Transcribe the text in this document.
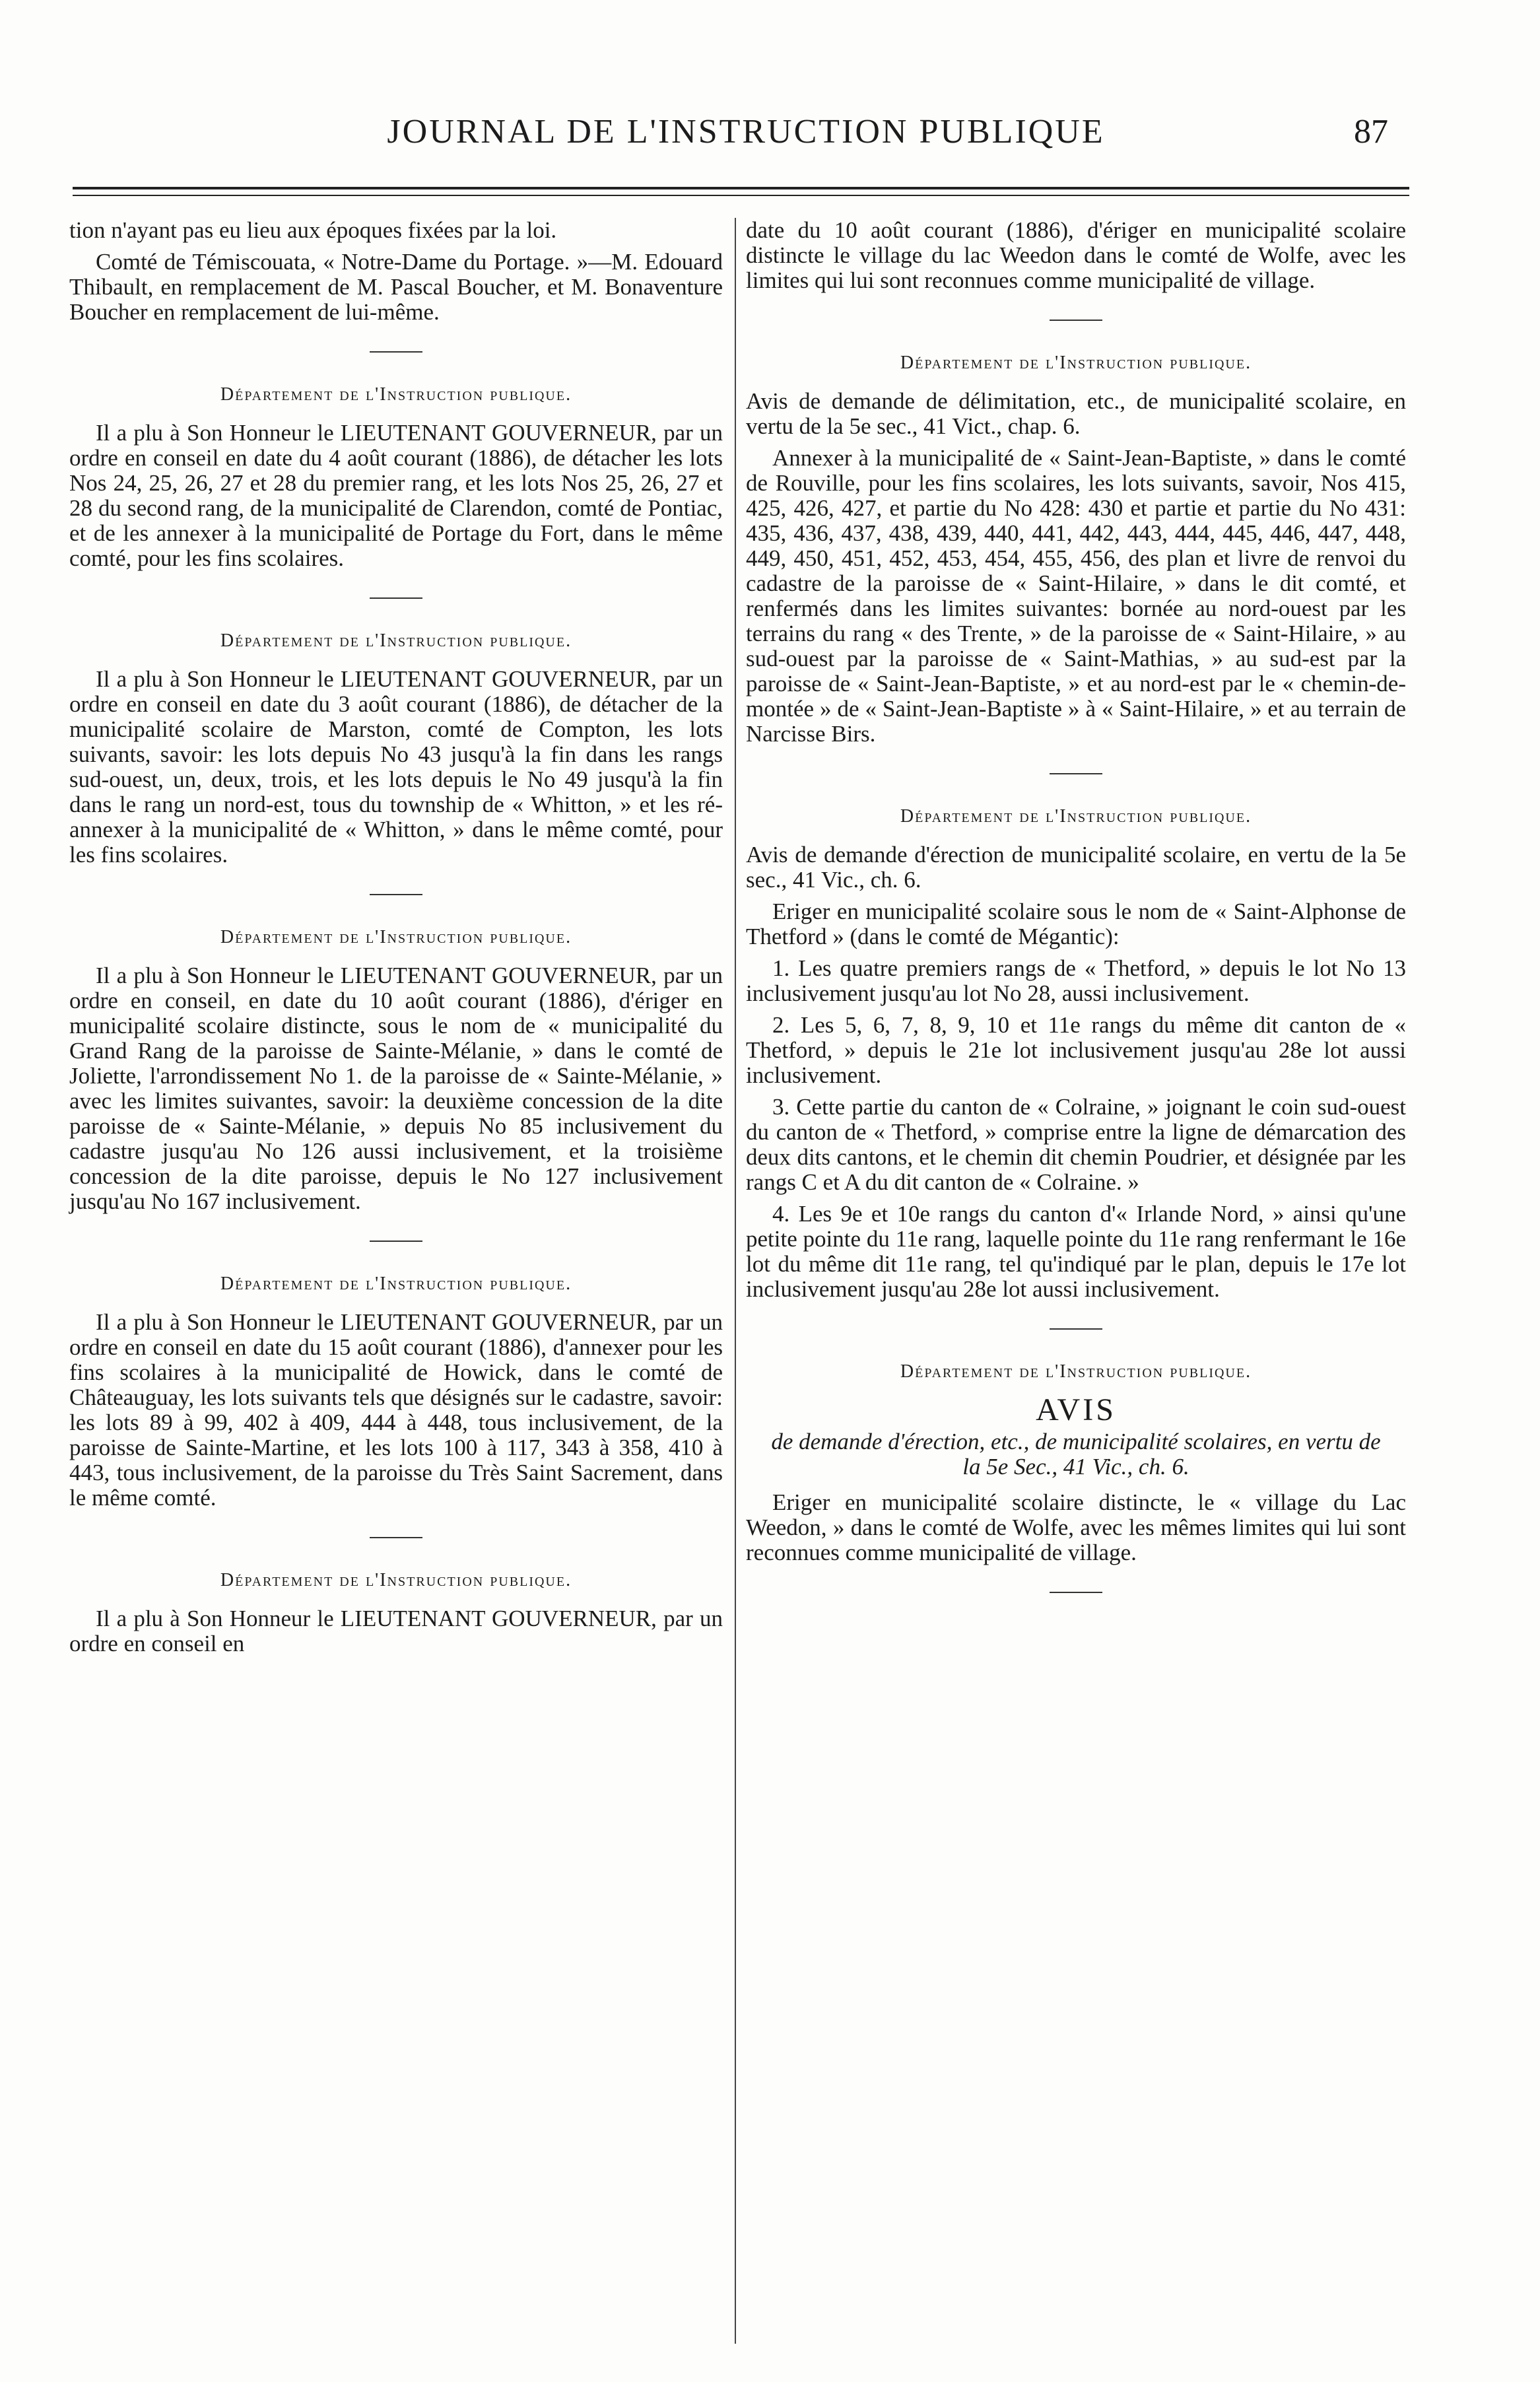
JOURNAL DE L'INSTRUCTION PUBLIQUE	87

tion n'ayant pas eu lieu aux époques fixées par la loi.

Comté de Témiscouata, « Notre-Dame du Portage. »—M. Edouard Thibault, en remplacement de M. Pascal Boucher, et M. Bonaventure Boucher en remplacement de lui-même.

Département de l'Instruction publique.

Il a plu à Son Honneur le LIEUTENANT GOUVERNEUR, par un ordre en conseil en date du 4 août courant (1886), de détacher les lots Nos 24, 25, 26, 27 et 28 du premier rang, et les lots Nos 25, 26, 27 et 28 du second rang, de la municipalité de Clarendon, comté de Pontiac, et de les annexer à la municipalité de Portage du Fort, dans le même comté, pour les fins scolaires.

Département de l'Instruction publique.

Il a plu à Son Honneur le LIEUTENANT GOUVERNEUR, par un ordre en conseil en date du 3 août courant (1886), de détacher de la municipalité scolaire de Marston, comté de Compton, les lots suivants, savoir: les lots depuis No 43 jusqu'à la fin dans les rangs sud-ouest, un, deux, trois, et les lots depuis le No 49 jusqu'à la fin dans le rang un nord-est, tous du township de « Whitton, » et les ré-annexer à la municipalité de « Whitton, » dans le même comté, pour les fins scolaires.

Département de l'Instruction publique.

Il a plu à Son Honneur le LIEUTENANT GOUVERNEUR, par un ordre en conseil, en date du 10 août courant (1886), d'ériger en municipalité scolaire distincte, sous le nom de « municipalité du Grand Rang de la paroisse de Sainte-Mélanie, » dans le comté de Joliette, l'arrondissement No 1. de la paroisse de « Sainte-Mélanie, » avec les limites suivantes, savoir: la deuxième concession de la dite paroisse de « Sainte-Mélanie, » depuis No 85 inclusivement du cadastre jusqu'au No 126 aussi inclusivement, et la troisième concession de la dite paroisse, depuis le No 127 inclusivement jusqu'au No 167 inclusivement.

Département de l'Instruction publique.

Il a plu à Son Honneur le LIEUTENANT GOUVERNEUR, par un ordre en conseil en date du 15 août courant (1886), d'annexer pour les fins scolaires à la municipalité de Howick, dans le comté de Châteauguay, les lots suivants tels que désignés sur le cadastre, savoir: les lots 89 à 99, 402 à 409, 444 à 448, tous inclusivement, de la paroisse de Sainte-Martine, et les lots 100 à 117, 343 à 358, 410 à 443, tous inclusivement, de la paroisse du Très Saint Sacrement, dans le même comté.

Département de l'Instruction publique.

Il a plu à Son Honneur le LIEUTENANT GOUVERNEUR, par un ordre en conseil en

date du 10 août courant (1886), d'ériger en municipalité scolaire distincte le village du lac Weedon dans le comté de Wolfe, avec les limites qui lui sont reconnues comme municipalité de village.

Département de l'Instruction publique.

Avis de demande de délimitation, etc., de municipalité scolaire, en vertu de la 5e sec., 41 Vict., chap. 6.

Annexer à la municipalité de « Saint-Jean-Baptiste, » dans le comté de Rouville, pour les fins scolaires, les lots suivants, savoir, Nos 415, 425, 426, 427, et partie du No 428: 430 et partie et partie du No 431: 435, 436, 437, 438, 439, 440, 441, 442, 443, 444, 445, 446, 447, 448, 449, 450, 451, 452, 453, 454, 455, 456, des plan et livre de renvoi du cadastre de la paroisse de « Saint-Hilaire, » dans le dit comté, et renfermés dans les limites suivantes: bornée au nord-ouest par les terrains du rang « des Trente, » de la paroisse de « Saint-Hilaire, » au sud-ouest par la paroisse de « Saint-Mathias, » au sud-est par la paroisse de « Saint-Jean-Baptiste, » et au nord-est par le « chemin-de-montée » de « Saint-Jean-Baptiste » à « Saint-Hilaire, » et au terrain de Narcisse Birs.

Département de l'Instruction publique.

Avis de demande d'érection de municipalité scolaire, en vertu de la 5e sec., 41 Vic., ch. 6.

Eriger en municipalité scolaire sous le nom de « Saint-Alphonse de Thetford » (dans le comté de Mégantic):

1. Les quatre premiers rangs de « Thetford, » depuis le lot No 13 inclusivement jusqu'au lot No 28, aussi inclusivement.

2. Les 5, 6, 7, 8, 9, 10 et 11e rangs du même dit canton de « Thetford, » depuis le 21e lot inclusivement jusqu'au 28e lot aussi inclusivement.

3. Cette partie du canton de « Colraine, » joignant le coin sud-ouest du canton de « Thetford, » comprise entre la ligne de démarcation des deux dits cantons, et le chemin dit chemin Poudrier, et désignée par les rangs C et A du dit canton de « Colraine. »

4. Les 9e et 10e rangs du canton d'« Irlande Nord, » ainsi qu'une petite pointe du 11e rang, laquelle pointe du 11e rang renfermant le 16e lot du même dit 11e rang, tel qu'indiqué par le plan, depuis le 17e lot inclusivement jusqu'au 28e lot aussi inclusivement.

Département de l'Instruction publique.
AVIS
de demande d'érection, etc., de municipalité scolaires, en vertu de la 5e Sec., 41 Vic., ch. 6.

Eriger en municipalité scolaire distincte, le « village du Lac Weedon, » dans le comté de Wolfe, avec les mêmes limites qui lui sont reconnues comme municipalité de village.
